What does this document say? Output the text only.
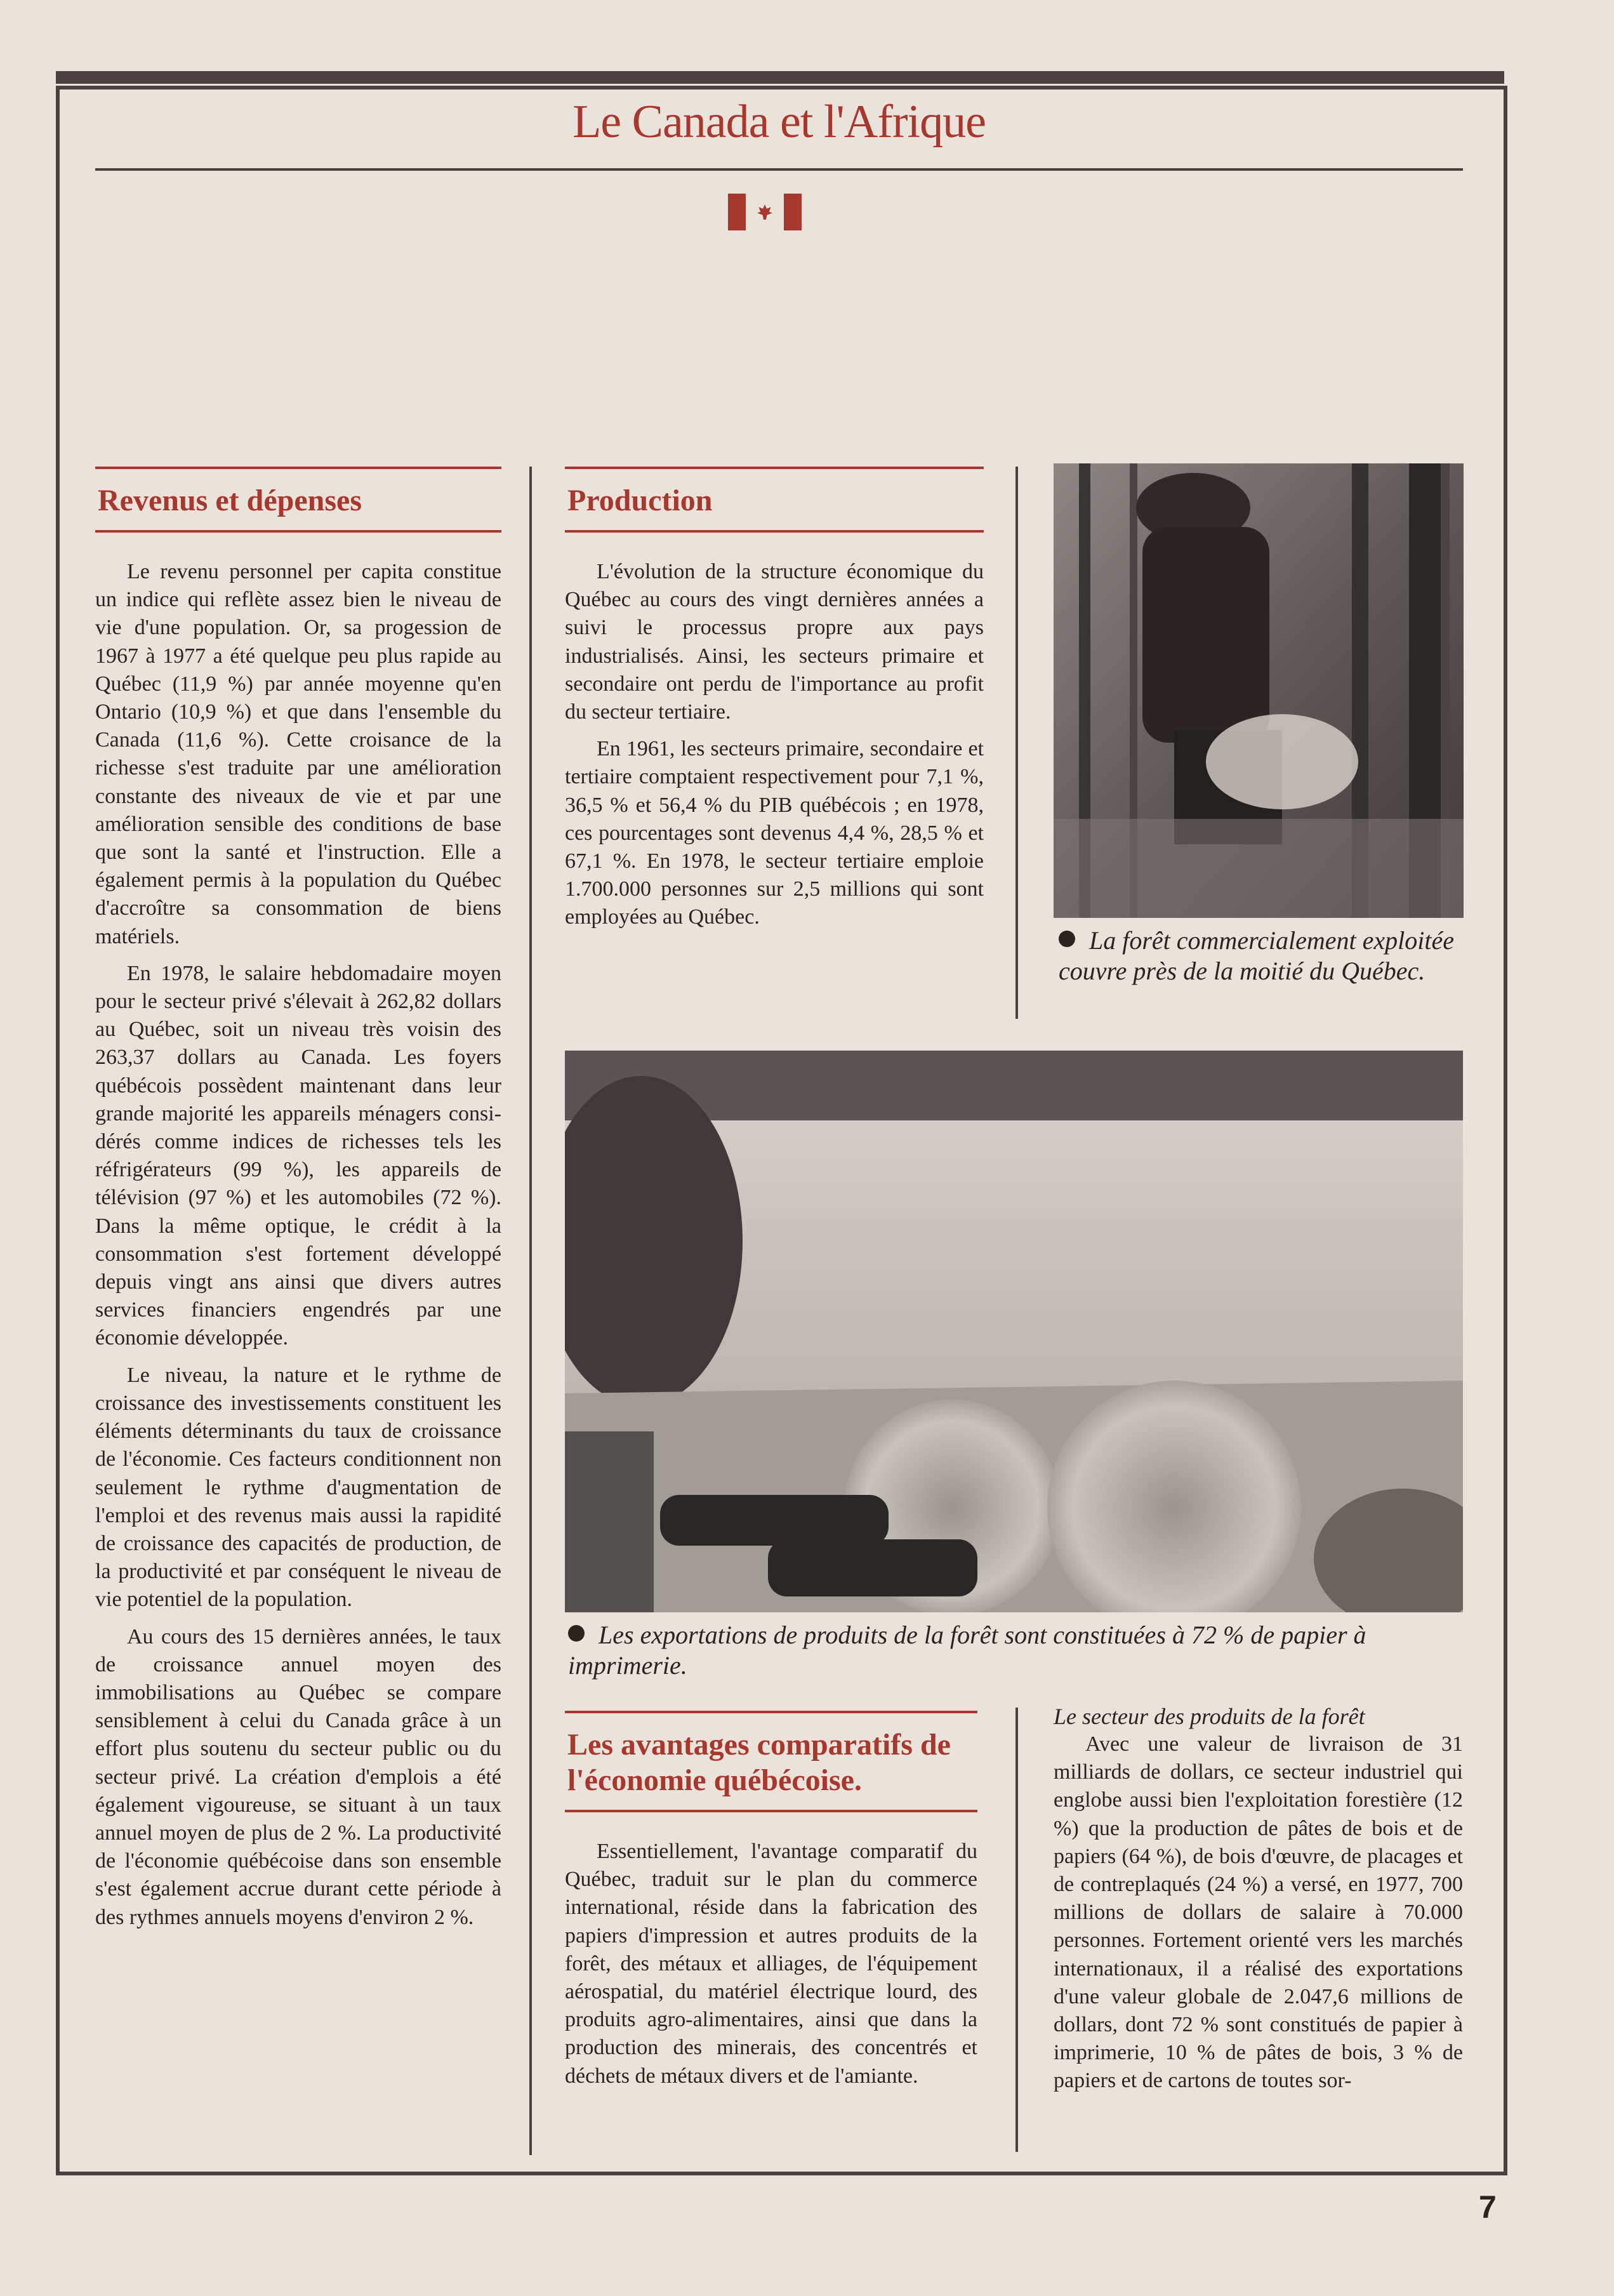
Le Canada et l'Afrique
Revenus et dépenses

Le revenu personnel per capita constitue un indice qui reflète assez bien le niveau de vie d'une population. Or, sa progession de 1967 à 1977 a été quelque peu plus rapide au Québec (11,9 %) par année moyenne qu'en Ontario (10,9 %) et que dans l'ensemble du Canada (11,6 %). Cette croisance de la richesse s'est traduite par une amélioration constante des niveaux de vie et par une amélioration sensible des conditions de base que sont la santé et l'instruction. Elle a également permis à la population du Québec d'accroître sa consommation de biens matériels.

En 1978, le salaire hebdomadaire moyen pour le secteur privé s'élevait à 262,82 dollars au Québec, soit un niveau très voisin des 263,37 dollars au Canada. Les foyers québécois possèdent maintenant dans leur grande majorité les appareils ménagers considérés comme indices de richesses tels les réfrigérateurs (99 %), les appareils de télévision (97 %) et les automobiles (72 %). Dans la même optique, le crédit à la consommation s'est fortement développé depuis vingt ans ainsi que divers autres services financiers engendrés par une économie développée.

Le niveau, la nature et le rythme de croissance des investissements constituent les éléments déterminants du taux de croissance de l'économie. Ces facteurs conditionnent non seulement le rythme d'augmentation de l'emploi et des revenus mais aussi la rapidité de croissance des capacités de production, de la productivité et par conséquent le niveau de vie potentiel de la population.

Au cours des 15 dernières années, le taux de croissance annuel moyen des immobilisations au Québec se compare sensiblement à celui du Canada grâce à un effort plus soutenu du secteur public ou du secteur privé. La création d'emplois a été également vigoureuse, se situant à un taux annuel moyen de plus de 2 %. La productivité de l'économie québécoise dans son ensemble s'est également accrue durant cette période à des rythmes annuels moyens d'environ 2 %.

Production

L'évolution de la structure économique du Québec au cours des vingt dernières années a suivi le processus propre aux pays industrialisés. Ainsi, les secteurs primaire et secondaire ont perdu de l'importance au profit du secteur tertiaire.

En 1961, les secteurs primaire, secondaire et tertiaire comptaient respectivement pour 7,1 %, 36,5 % et 56,4 % du PIB québécois ; en 1978, ces pourcentages sont devenus 4,4 %, 28,5 % et 67,1 %. En 1978, le secteur tertiaire emploie 1.700.000 personnes sur 2,5 millions qui sont employées au Québec.

La forêt commercialement exploitée couvre près de la moitié du Québec.
Les exportations de produits de la forêt sont constituées à 72 % de papier à imprimerie.
Les avantages comparatifs de l'économie québécoise.

Essentiellement, l'avantage comparatif du Québec, traduit sur le plan du commerce international, réside dans la fabrication des papiers d'impression et autres produits de la forêt, des métaux et alliages, de l'équipement aérospatial, du matériel électrique lourd, des produits agro-alimentaires, ainsi que dans la production des minerais, des concentrés et déchets de métaux divers et de l'amiante.

Le secteur des produits de la forêt

Avec une valeur de livraison de 31 milliards de dollars, ce secteur industriel qui englobe aussi bien l'exploitation forestière (12 %) que la production de pâtes de bois et de papiers (64 %), de bois d'œuvre, de placages et de contreplaqués (24 %) a versé, en 1977, 700 millions de dollars de salaire à 70.000 personnes. Fortement orienté vers les marchés internationaux, il a réalisé des exportations d'une valeur globale de 2.047,6 millions de dollars, dont 72 % sont constitués de papier à imprimerie, 10 % de pâtes de bois, 3 % de papiers et de cartons de toutes sor-

7
